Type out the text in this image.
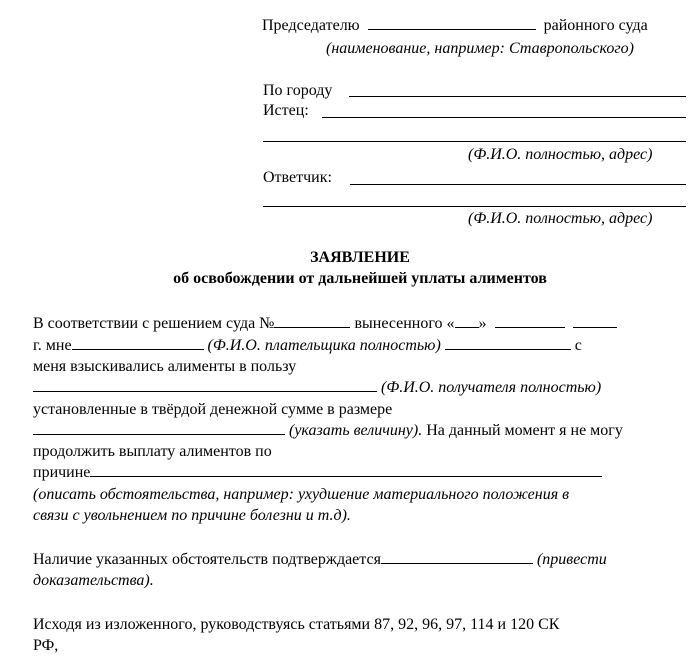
Председателю	районного суда
(наименование, например: Ставропольского)
По городу
Истец:
(Ф.И.О. полностью, адрес)
Ответчик:
(Ф.И.О. полностью, адрес)
ЗАЯВЛЕНИЕ
об освобождении от дальнейшей уплаты алиментов
В соответствии с решением суда №	вынесенного « »
г. мне	(Ф.И.О. плательщика полностью)	с
меня взыскивались алименты в пользу
(Ф.И.О. получателя полностью)
установленные в твёрдой денежной сумме в размере
(указать величину). На данный момент я не могу
продолжить выплату алиментов по
причине
(описать обстоятельства, например: ухудшение материального положения в
связи с увольнением по причине болезни и т.д).
Наличие указанных обстоятельств подтверждается	(привести
доказательства).
Исходя из изложенного, руководствуясь статьями 87, 92, 96, 97, 114 и 120 СК
РФ,
